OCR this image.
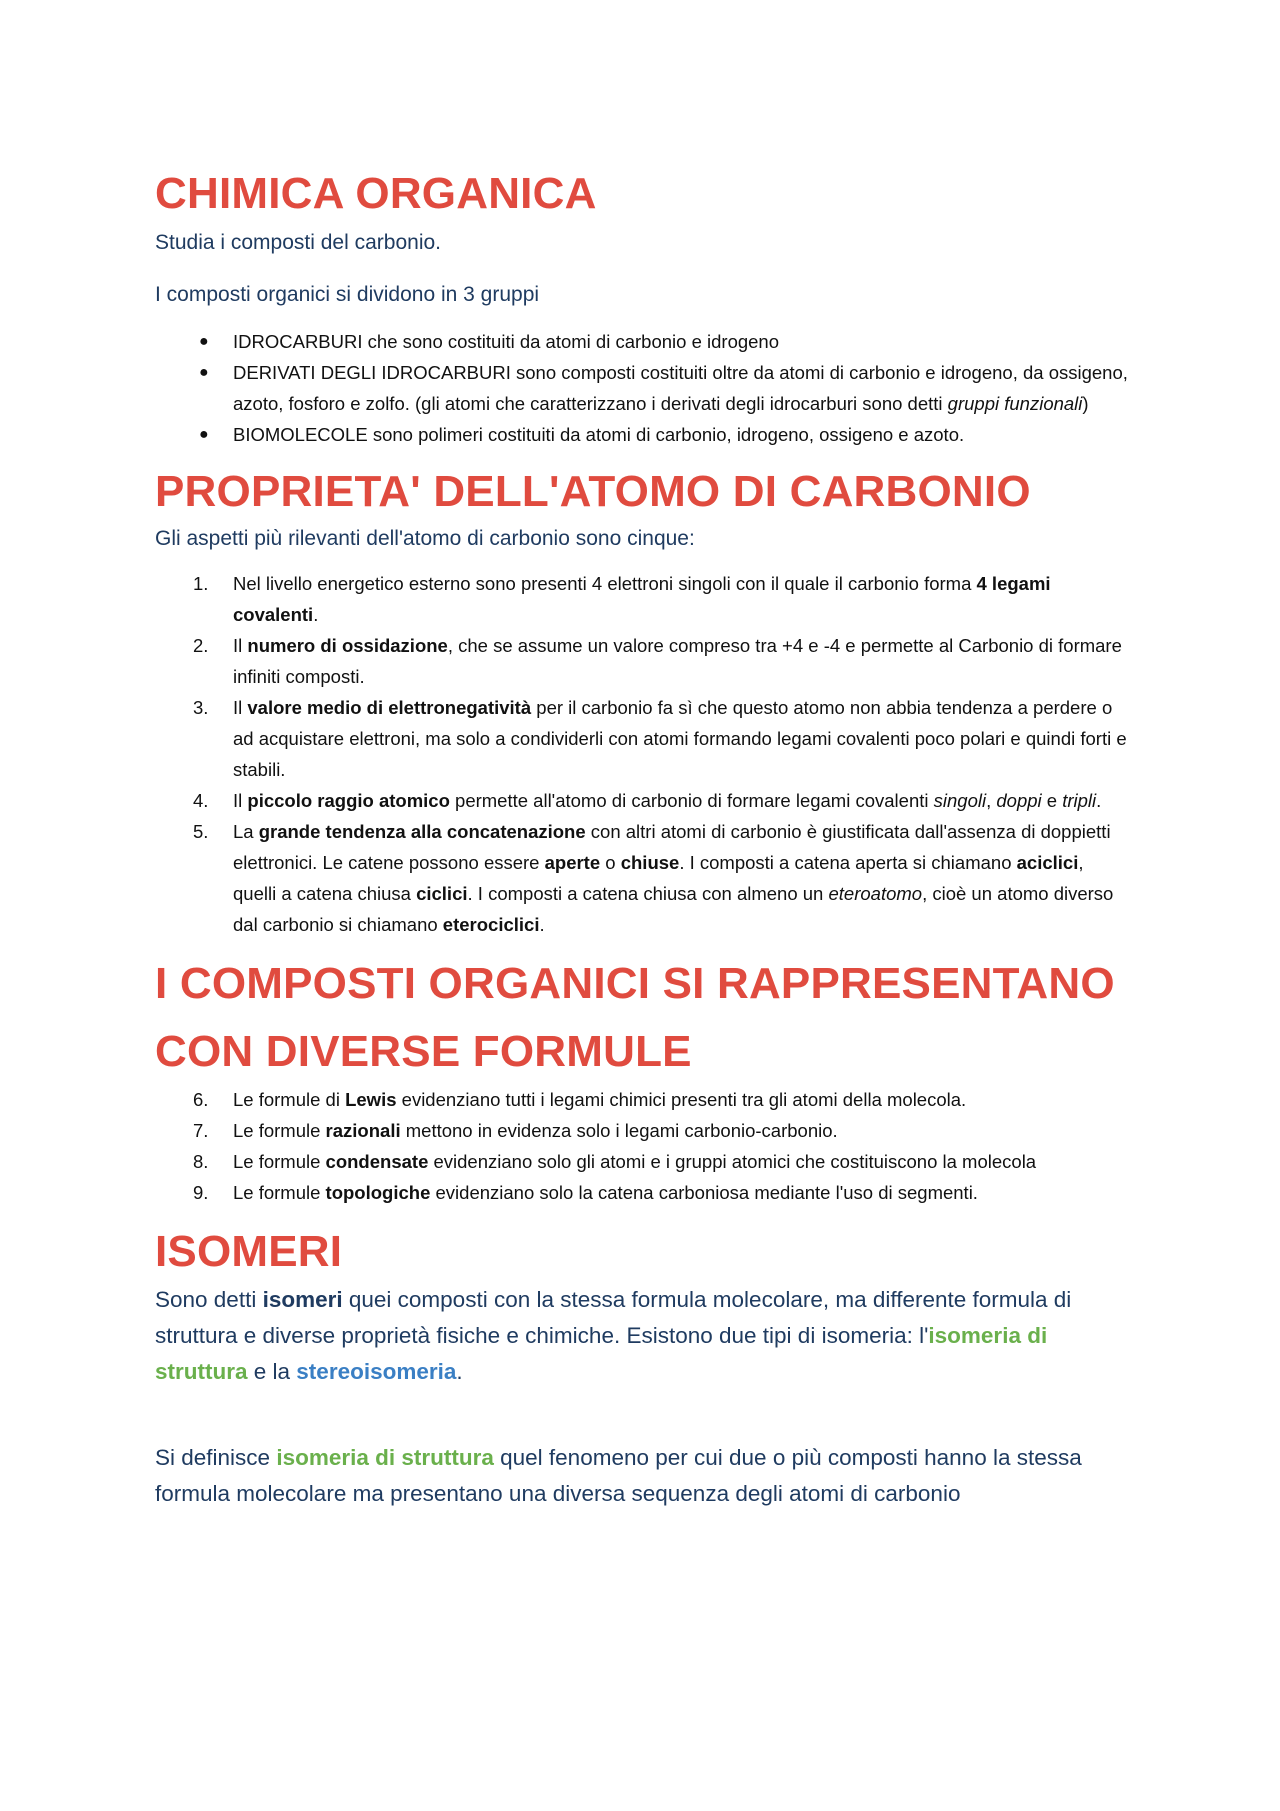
CHIMICA ORGANICA

Studia i composti del carbonio.

I composti organici si dividono in 3 gruppi

● IDROCARBURI che sono costituiti da atomi di carbonio e idrogeno
● DERIVATI DEGLI IDROCARBURI sono composti costituiti oltre da atomi di carbonio e idrogeno, da ossigeno, azoto, fosforo e zolfo. (gli atomi che caratterizzano i derivati degli idrocarburi sono detti gruppi funzionali)
● BIOMOLECOLE sono polimeri costituiti da atomi di carbonio, idrogeno, ossigeno e azoto.
PROPRIETA' DELL'ATOMO DI CARBONIO

Gli aspetti più rilevanti dell'atomo di carbonio sono cinque:

1.	Nel livello energetico esterno sono presenti 4 elettroni singoli con il quale il carbonio forma 4 legami covalenti.
2.	Il numero di ossidazione, che se assume un valore compreso tra +4 e -4 e permette al Carbonio di formare infiniti composti.
3.	Il valore medio di elettronegatività per il carbonio fa sì che questo atomo non abbia tendenza a perdere o ad acquistare elettroni, ma solo a condividerli con atomi formando legami covalenti poco polari e quindi forti e stabili.
4.	Il piccolo raggio atomico permette all'atomo di carbonio di formare legami covalenti singoli, doppi e tripli.
5.	La grande tendenza alla concatenazione con altri atomi di carbonio è giustificata dall'assenza di doppietti elettronici. Le catene possono essere aperte o chiuse. I composti a catena aperta si chiamano aciclici, quelli a catena chiusa ciclici. I composti a catena chiusa con almeno un eteroatomo, cioè un atomo diverso dal carbonio si chiamano eterociclici.
I COMPOSTI ORGANICI SI RAPPRESENTANO CON DIVERSE FORMULE
6.	Le formule di Lewis evidenziano tutti i legami chimici presenti tra gli atomi della molecola.
7.	Le formule razionali mettono in evidenza solo i legami carbonio-carbonio.
8.	Le formule condensate evidenziano solo gli atomi e i gruppi atomici che costituiscono la molecola
9.	Le formule topologiche evidenziano solo la catena carboniosa mediante l'uso di segmenti.
ISOMERI

Sono detti isomeri quei composti con la stessa formula molecolare, ma differente formula di struttura e diverse proprietà fisiche e chimiche. Esistono due tipi di isomeria: l'isomeria di struttura e la stereoisomeria.

Si definisce isomeria di struttura quel fenomeno per cui due o più composti hanno la stessa formula molecolare ma presentano una diversa sequenza degli atomi di carbonio
